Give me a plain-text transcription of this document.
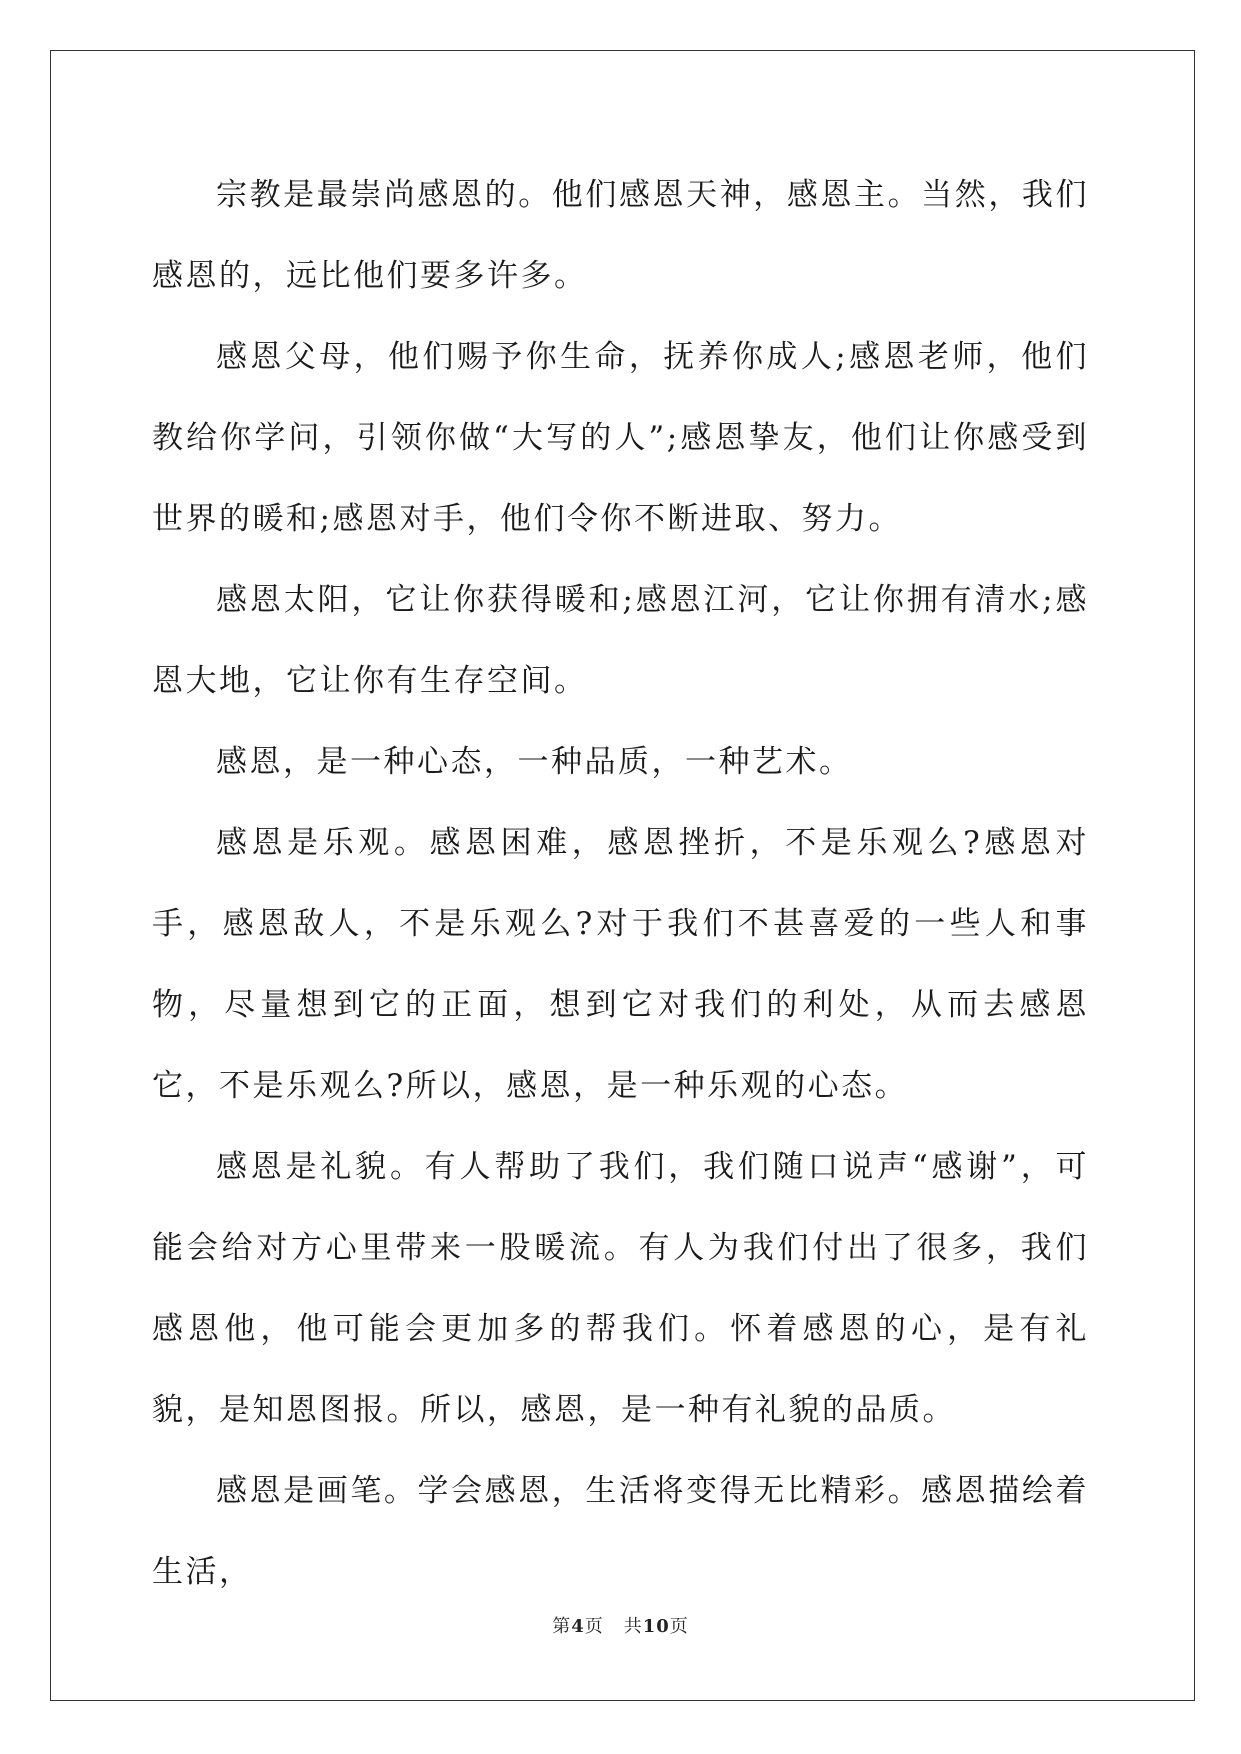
宗教是最崇尚感恩的。他们感恩天神，感恩主。当然，我们感恩的，远比他们要多许多。

感恩父母，他们赐予你生命，抚养你成人;感恩老师，他们教给你学问，引领你做“大写的人”;感恩挚友，他们让你感受到世界的暖和;感恩对手，他们令你不断进取、努力。

感恩太阳，它让你获得暖和;感恩江河，它让你拥有清水;感恩大地，它让你有生存空间。

感恩，是一种心态，一种品质，一种艺术。

感恩是乐观。感恩困难，感恩挫折，不是乐观么?感恩对手，感恩敌人，不是乐观么?对于我们不甚喜爱的一些人和事物，尽量想到它的正面，想到它对我们的利处，从而去感恩它，不是乐观么?所以，感恩，是一种乐观的心态。

感恩是礼貌。有人帮助了我们，我们随口说声“感谢”，可能会给对方心里带来一股暖流。有人为我们付出了很多，我们感恩他，他可能会更加多的帮我们。怀着感恩的心，是有礼貌，是知恩图报。所以，感恩，是一种有礼貌的品质。

感恩是画笔。学会感恩，生活将变得无比精彩。感恩描绘着生活，

第4页 共10页
